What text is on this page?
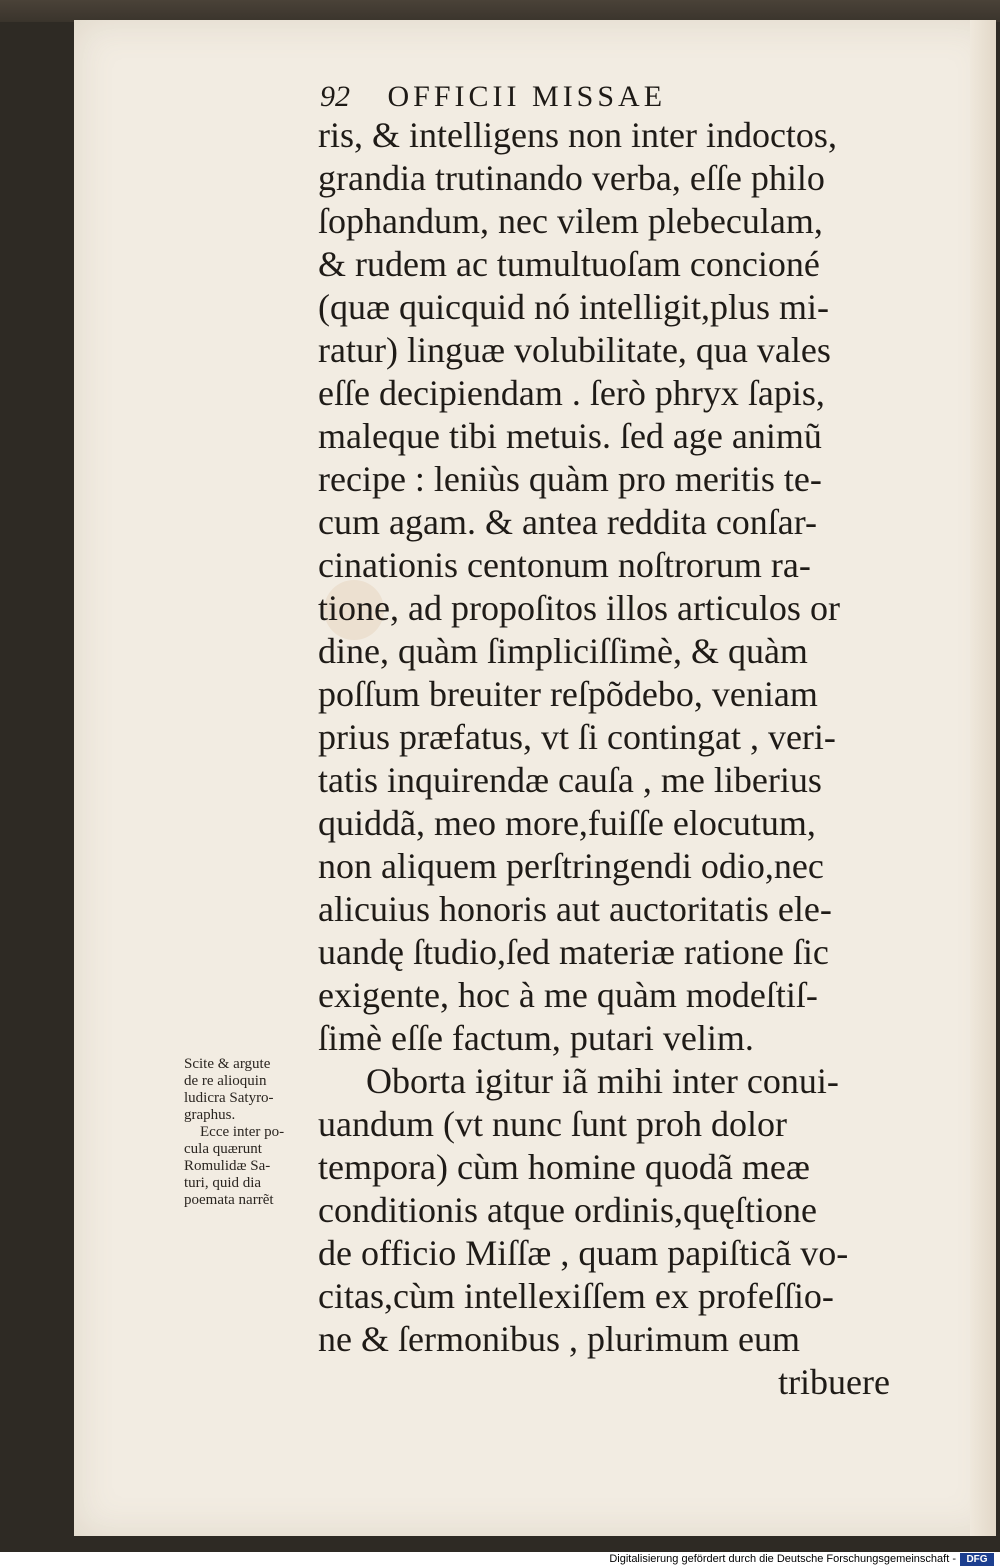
92 OFFICII MISSAE
ris, & intelligens non inter indoctos,
grandia trutinando verba, eſſe philo
ſophandum, nec vilem plebeculam,
& rudem ac tumultuoſam concioné
(quæ quicquid nó intelligit,plus mi-
ratur) linguæ volubilitate, qua vales
eſſe decipiendam . ſerò phryx ſapis,
maleque tibi metuis. ſed age animũ
recipe : leniùs quàm pro meritis te-
cum agam. & antea reddita conſar-
cinationis centonum noſtrorum ra-
tione, ad propoſitos illos articulos or
dine, quàm ſimpliciſſimè, & quàm
poſſum breuiter reſpõdebo, veniam
prius præfatus, vt ſi contingat , veri-
tatis inquirendæ cauſa , me liberius
quiddã, meo more,fuiſſe elocutum,
non aliquem perſtringendi odio,nec
alicuius honoris aut auctoritatis ele-
uandę ſtudio,ſed materiæ ratione ſic
exigente, hoc à me quàm modeſtiſ-
ſimè eſſe factum, putari velim.
Oborta igitur iã mihi inter conui-
uandum (vt nunc ſunt proh dolor
tempora) cùm homine quodã meæ
conditionis atque ordinis,quęſtione
de officio Miſſæ , quam papiſticã vo-
citas,cùm intellexiſſem ex profeſſio-
ne & ſermonibus , plurimum eum
tribuere
Scite & argute
de re alioquin
ludicra Satyro-
graphus.
Ecce inter po-
cula quærunt
Romulidæ Sa-
turi, quid dia
poemata narrẽt
Digitalisierung gefördert durch die Deutsche Forschungsgemeinschaft -	DFG
